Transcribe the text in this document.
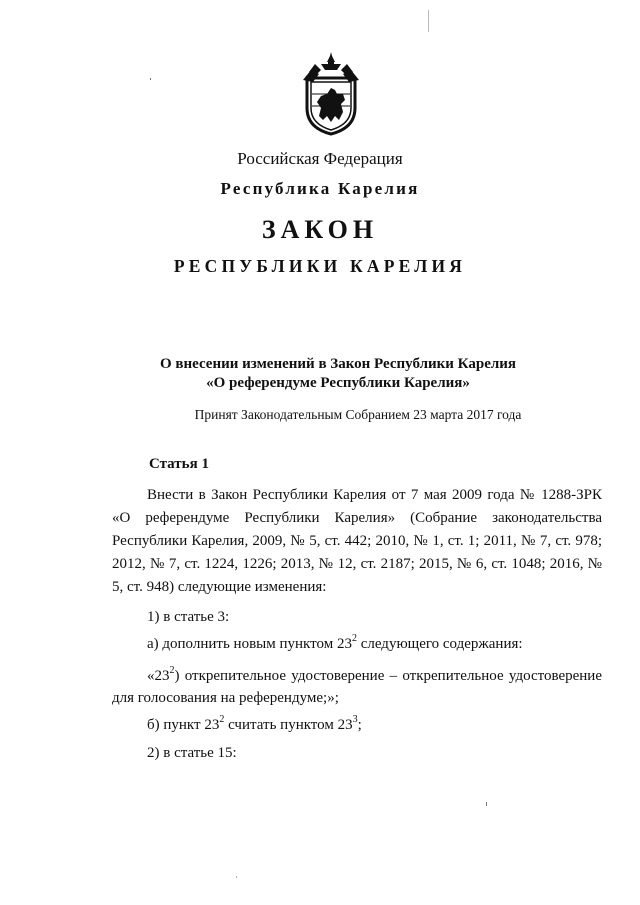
Российская Федерация
Республика Карелия
ЗАКОН
РЕСПУБЛИКИ КАРЕЛИЯ
О внесении изменений в Закон Республики Карелия
«О референдуме Республики Карелия»
Принят Законодательным Собранием 23 марта 2017 года
Статья 1
Внести в Закон Республики Карелия от 7 мая 2009 года № 1288-ЗРК «О референдуме Республики Карелия» (Собрание законодательства Республики Карелия, 2009, № 5, ст. 442; 2010, № 1, ст. 1; 2011, № 7, ст. 978; 2012, № 7, ст. 1224, 1226; 2013, № 12, ст. 2187; 2015, № 6, ст. 1048; 2016, № 5, ст. 948) следующие изменения:
1) в статье 3:
а) дополнить новым пунктом $23^2$ следующего содержания:
«$23^2$) открепительное удостоверение – открепительное удостоверение для голосования на референдуме;»;
б) пункт $23^2$ считать пунктом $23^3$;
2) в статье 15:
